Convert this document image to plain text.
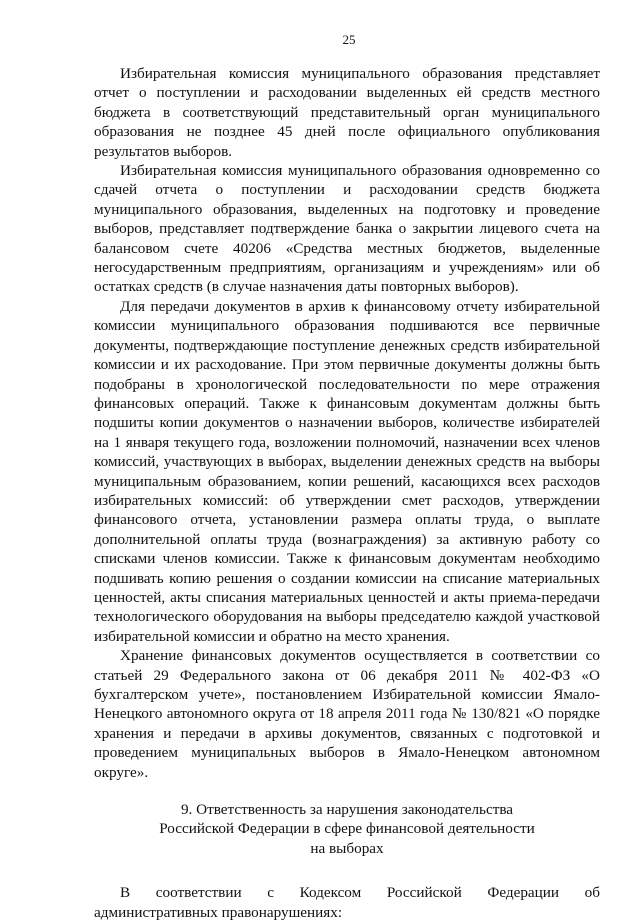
25

Избирательная комиссия муниципального образования представляет отчет о поступлении и расходовании выделенных ей средств местного бюджета в соответствующий представительный орган муниципального образования не позднее 45 дней после официального опубликования результатов выборов.

Избирательная комиссия муниципального образования одновременно со сдачей отчета о поступлении и расходовании средств бюджета муниципального образования, выделенных на подготовку и проведение выборов, представляет подтверждение банка о закрытии лицевого счета на балансовом счете 40206 «Средства местных бюджетов, выделенные негосударственным предприятиям, организациям и учреждениям» или об остатках средств (в случае назначения даты повторных выборов).

Для передачи документов в архив к финансовому отчету избирательной комиссии муниципального образования подшиваются все первичные документы, подтверждающие поступление денежных средств избирательной комиссии и их расходование. При этом первичные документы должны быть подобраны в хронологической последовательности по мере отражения финансовых операций. Также к финансовым документам должны быть подшиты копии документов о назначении выборов, количестве избирателей на 1 января текущего года, возложении полномочий, назначении всех членов комиссий, участвующих в выборах, выделении денежных средств на выборы муниципальным образованием, копии решений, касающихся всех расходов избирательных комиссий: об утверждении смет расходов, утверждении финансового отчета, установлении размера оплаты труда, о выплате дополнительной оплаты труда (вознаграждения) за активную работу со списками членов комиссии. Также к финансовым документам необходимо подшивать копию решения о создании комиссии на списание материальных ценностей, акты списания материальных ценностей и акты приема-передачи технологического оборудования на выборы председателю каждой участковой избирательной комиссии и обратно на место хранения.

Хранение финансовых документов осуществляется в соответствии со статьей 29 Федерального закона от 06 декабря 2011 № 402-ФЗ «О бухгалтерском учете», постановлением Избирательной комиссии Ямало-Ненецкого автономного округа от 18 апреля 2011 года № 130/821 «О порядке хранения и передачи в архивы документов, связанных с подготовкой и проведением муниципальных выборов в Ямало-Ненецком автономном округе».

9. Ответственность за нарушения законодательства
Российской Федерации в сфере финансовой деятельности
на выборах

В соответствии с Кодексом Российской Федерации об

административных правонарушениях:
